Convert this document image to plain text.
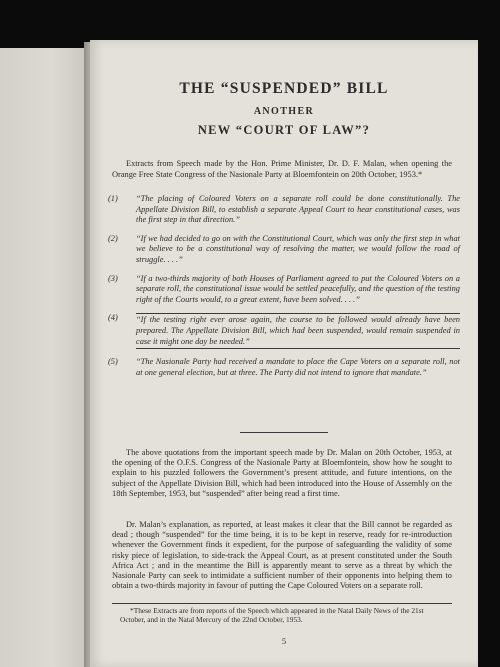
THE “SUSPENDED” BILL
ANOTHER
NEW “COURT OF LAW”?
Extracts from Speech made by the Hon. Prime Minister, Dr. D. F. Malan, when opening the Orange Free State Congress of the Nasionale Party at Bloemfontein on 20th October, 1953.*
(1)	“The placing of Coloured Voters on a separate roll could be done constitutionally. The Appellate Division Bill, to establish a separate Appeal Court to hear constitutional cases, was the first step in that direction.”
(2)	“If we had decided to go on with the Constitutional Court, which was only the first step in what we believe to be a constitutional way of resolving the matter, we would follow the road of struggle. . . .”
(3)	“If a two-thirds majority of both Houses of Parliament agreed to put the Coloured Voters on a separate roll, the constitutional issue would be settled peacefully, and the question of the testing right of the Courts would, to a great extent, have been solved. . . .”
(4)	“If the testing right ever arose again, the course to be followed would already have been prepared. The Appellate Division Bill, which had been suspended, would remain suspended in case it might one day be needed.”
(5)	“The Nasionale Party had received a mandate to place the Cape Voters on a separate roll, not at one general election, but at three. The Party did not intend to ignore that mandate.”
The above quotations from the important speech made by Dr. Malan on 20th October, 1953, at the opening of the O.F.S. Congress of the Nasionale Party at Bloemfontein, show how he sought to explain to his puzzled followers the Government’s present attitude, and future intentions, on the subject of the Appellate Division Bill, which had been introduced into the House of Assembly on the 18th September, 1953, but “suspended” after being read a first time.
Dr. Malan’s explanation, as reported, at least makes it clear that the Bill cannot be regarded as dead ; though “suspended” for the time being, it is to be kept in reserve, ready for re-introduction whenever the Government finds it expedient, for the purpose of safeguarding the validity of some risky piece of legislation, to side-track the Appeal Court, as at present constituted under the South Africa Act ; and in the meantime the Bill is apparently meant to serve as a threat by which the Nasionale Party can seek to intimidate a sufficient number of their opponents into helping them to obtain a two-thirds majority in favour of putting the Cape Coloured Voters on a separate roll.
*These Extracts are from reports of the Speech which appeared in the Natal Daily News of the 21st October, and in the Natal Mercury of the 22nd October, 1953.
5
